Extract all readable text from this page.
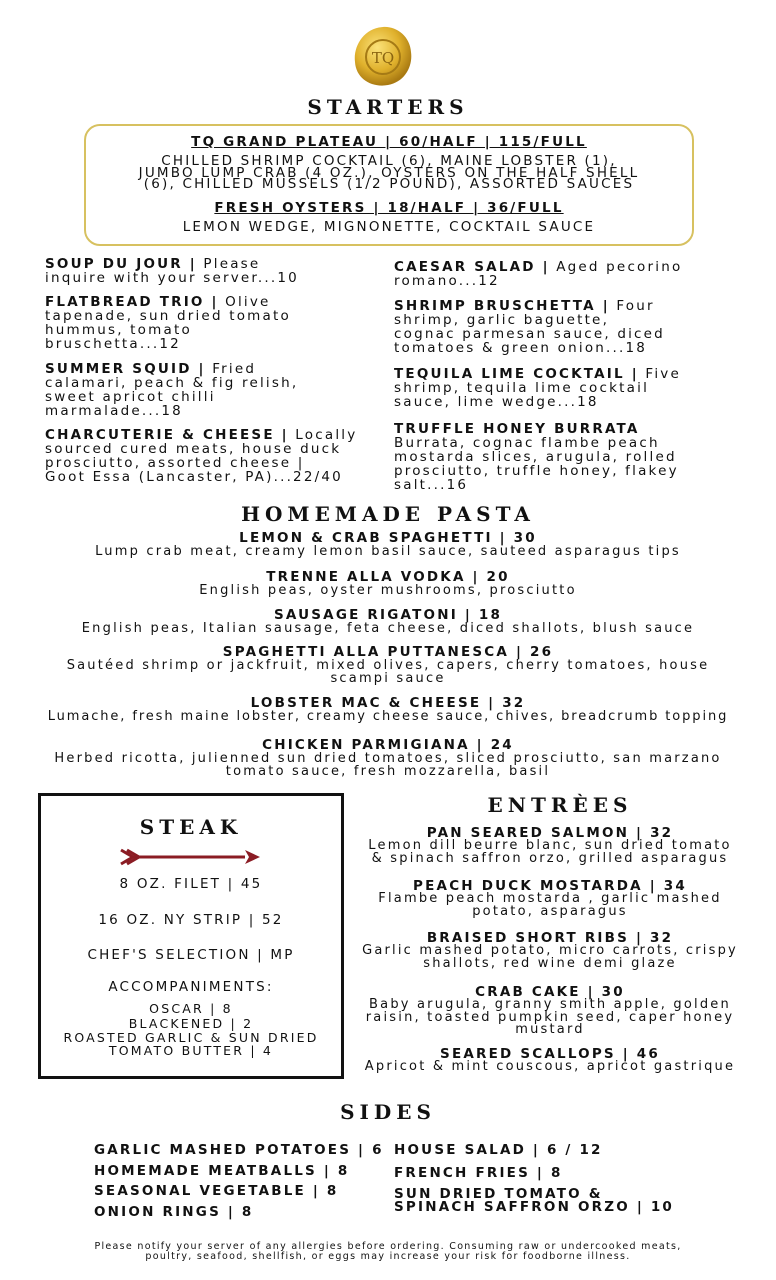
TQ
STARTERS
TQ GRAND PLATEAU | 60/HALF | 115/FULL
CHILLED SHRIMP COCKTAIL (6), MAINE LOBSTER (1),
JUMBO LUMP CRAB (4 OZ.), OYSTERS ON THE HALF SHELL
(6), CHILLED MUSSELS (1/2 POUND), ASSORTED SAUCES
FRESH OYSTERS | 18/HALF | 36/FULL
LEMON WEDGE, MIGNONETTE, COCKTAIL SAUCE
SOUP DU JOUR | Please
inquire with your server...10
FLATBREAD TRIO | Olive
tapenade, sun dried tomato
hummus, tomato
bruschetta...12
SUMMER SQUID | Fried
calamari, peach & fig relish,
sweet apricot chilli
marmalade...18
CHARCUTERIE & CHEESE | Locally
sourced cured meats, house duck
prosciutto, assorted cheese |
Goot Essa (Lancaster, PA)...22/40
CAESAR SALAD | Aged pecorino
romano...12
SHRIMP BRUSCHETTA | Four
shrimp, garlic baguette,
cognac parmesan sauce, diced
tomatoes & green onion...18
TEQUILA LIME COCKTAIL | Five
shrimp, tequila lime cocktail
sauce, lime wedge...18
TRUFFLE HONEY BURRATA
Burrata, cognac flambe peach
mostarda slices, arugula, rolled
prosciutto, truffle honey, flakey
salt...16
HOMEMADE PASTA
LEMON & CRAB SPAGHETTI | 30
Lump crab meat, creamy lemon basil sauce, sauteed asparagus tips
TRENNE ALLA VODKA | 20
English peas, oyster mushrooms, prosciutto
SAUSAGE RIGATONI | 18
English peas, Italian sausage, feta cheese, diced shallots, blush sauce
SPAGHETTI ALLA PUTTANESCA | 26
Sautéed shrimp or jackfruit, mixed olives, capers, cherry tomatoes, house
scampi sauce
LOBSTER MAC & CHEESE | 32
Lumache, fresh maine lobster, creamy cheese sauce, chives, breadcrumb topping
CHICKEN PARMIGIANA | 24
Herbed ricotta, julienned sun dried tomatoes, sliced prosciutto, san marzano
tomato sauce, fresh mozzarella, basil
STEAK
8 OZ. FILET | 45
16 OZ. NY STRIP | 52
CHEF'S SELECTION | MP
ACCOMPANIMENTS:
OSCAR | 8
BLACKENED | 2
ROASTED GARLIC & SUN DRIED
TOMATO BUTTER | 4
ENTRÈES
PAN SEARED SALMON | 32
Lemon dill beurre blanc, sun dried tomato
& spinach saffron orzo, grilled asparagus
PEACH DUCK MOSTARDA | 34
Flambe peach mostarda , garlic mashed
potato, asparagus
BRAISED SHORT RIBS | 32
Garlic mashed potato, micro carrots, crispy
shallots, red wine demi glaze
CRAB CAKE | 30
Baby arugula, granny smith apple, golden
raisin, toasted pumpkin seed, caper honey
mustard
SEARED SCALLOPS | 46
Apricot & mint couscous, apricot gastrique
SIDES
GARLIC MASHED POTATOES | 6
HOMEMADE MEATBALLS | 8
SEASONAL VEGETABLE | 8
ONION RINGS | 8
HOUSE SALAD | 6 / 12
FRENCH FRIES | 8
SUN DRIED TOMATO &
SPINACH SAFFRON ORZO | 10
Please notify your server of any allergies before ordering. Consuming raw or undercooked meats,
poultry, seafood, shellfish, or eggs may increase your risk for foodborne illness.
